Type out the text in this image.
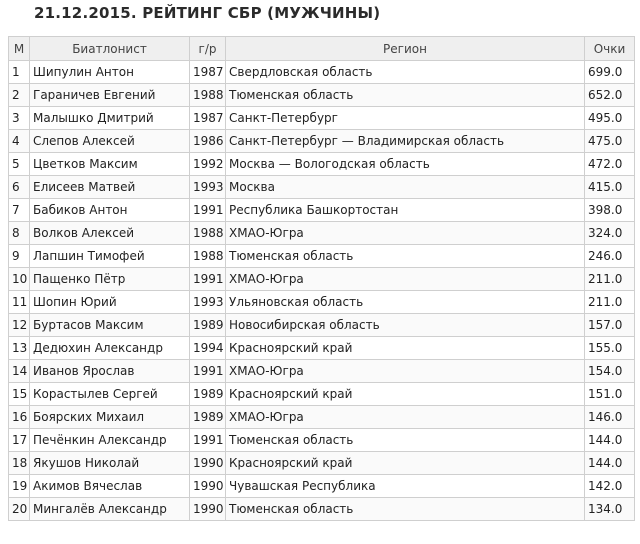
21.12.2015. РЕЙТИНГ СБР (МУЖЧИНЫ)
М	Биатлонист	г/р	Регион	Очки
1	Шипулин Антон	1987	Свердловская область	699.0
2	Гараничев Евгений	1988	Тюменская область	652.0
3	Малышко Дмитрий	1987	Санкт-Петербург	495.0
4	Слепов Алексей	1986	Санкт-Петербург — Владимирская область	475.0
5	Цветков Максим	1992	Москва — Вологодская область	472.0
6	Елисеев Матвей	1993	Москва	415.0
7	Бабиков Антон	1991	Республика Башкортостан	398.0
8	Волков Алексей	1988	ХМАО-Югра	324.0
9	Лапшин Тимофей	1988	Тюменская область	246.0
10	Пащенко Пётр	1991	ХМАО-Югра	211.0
11	Шопин Юрий	1993	Ульяновская область	211.0
12	Буртасов Максим	1989	Новосибирская область	157.0
13	Дедюхин Александр	1994	Красноярский край	155.0
14	Иванов Ярослав	1991	ХМАО-Югра	154.0
15	Корастылев Сергей	1989	Красноярский край	151.0
16	Боярских Михаил	1989	ХМАО-Югра	146.0
17	Печёнкин Александр	1991	Тюменская область	144.0
18	Якушов Николай	1990	Красноярский край	144.0
19	Акимов Вячеслав	1990	Чувашская Республика	142.0
20	Мингалёв Александр	1990	Тюменская область	134.0
